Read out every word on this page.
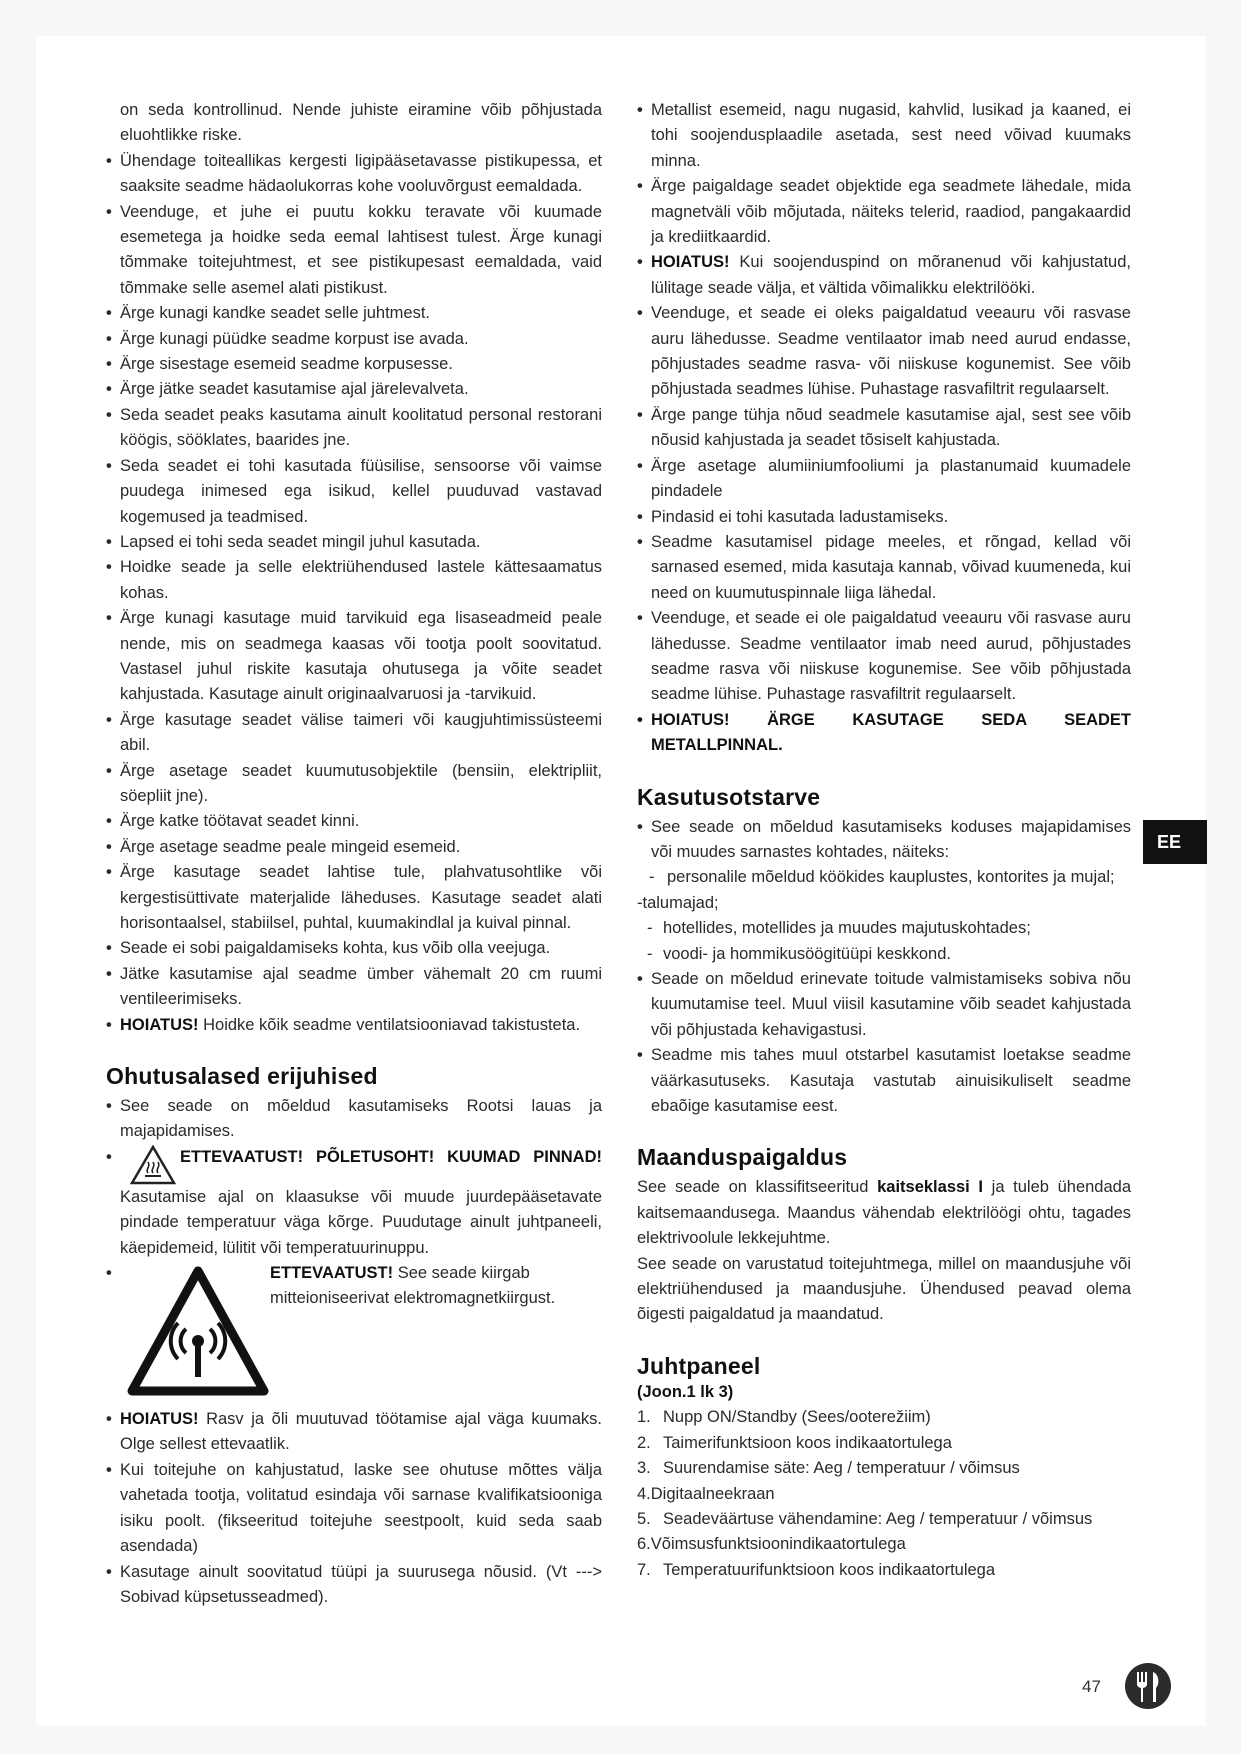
on seda kontrollinud. Nende juhiste eiramine võib põhjustada eluohtlikke riske.

• Ühendage toiteallikas kergesti ligipääsetavasse pistikupessa, et saaksite seadme hädaolukorras kohe vooluvõrgust eemaldada.
• Veenduge, et juhe ei puutu kokku teravate või kuumade esemetega ja hoidke seda eemal lahtisest tulest. Ärge kunagi tõmmake toitejuhtmest, et see pistikupesast eemaldada, vaid tõmmake selle asemel alati pistikust.
• Ärge kunagi kandke seadet selle juhtmest.
• Ärge kunagi püüdke seadme korpust ise avada.
• Ärge sisestage esemeid seadme korpusesse.
• Ärge jätke seadet kasutamise ajal järelevalveta.
• Seda seadet peaks kasutama ainult koolitatud personal restorani köögis, sööklates, baarides jne.
• Seda seadet ei tohi kasutada füüsilise, sensoorse või vaimse puudega inimesed ega isikud, kellel puuduvad vastavad kogemused ja teadmised.
• Lapsed ei tohi seda seadet mingil juhul kasutada.
• Hoidke seade ja selle elektriühendused lastele kättesaamatus kohas.
• Ärge kunagi kasutage muid tarvikuid ega lisaseadmeid peale nende, mis on seadmega kaasas või tootja poolt soovitatud. Vastasel juhul riskite kasutaja ohutusega ja võite seadet kahjustada. Kasutage ainult originaalvaruosi ja -tarvikuid.
• Ärge kasutage seadet välise taimeri või kaugjuhtimissüsteemi abil.
• Ärge asetage seadet kuumutusobjektile (bensiin, elektripliit, söepliit jne).
• Ärge katke töötavat seadet kinni.
• Ärge asetage seadme peale mingeid esemeid.
• Ärge kasutage seadet lahtise tule, plahvatusohtlike või kergestisüttivate materjalide läheduses. Kasutage seadet alati horisontaalsel, stabiilsel, puhtal, kuumakindlal ja kuival pinnal.
• Seade ei sobi paigaldamiseks kohta, kus võib olla veejuga.
• Jätke kasutamise ajal seadme ümber vähemalt 20 cm ruumi ventileerimiseks.
• HOIATUS! Hoidke kõik seadme ventilatsiooniavad takistusteta.
Ohutusalased erijuhised
• See seade on mõeldud kasutamiseks Rootsi lauas ja majapidamises.
• ETTEVAATUST! PÕLETUSOHT! KUUMAD PINNAD! Kasutamise ajal on klaasukse või muude juurdepääsetavate pindade temperatuur väga kõrge. Puudutage ainult juhtpaneeli, käepidemeid, lülitit või temperatuurinuppu.
• ETTEVAATUST! See seade kiirgab mitteioniseerivat elektromagnetkiirgust.
• HOIATUS! Rasv ja õli muutuvad töötamise ajal väga kuumaks. Olge sellest ettevaatlik.
• Kui toitejuhe on kahjustatud, laske see ohutuse mõttes välja vahetada tootja, volitatud esindaja või sarnase kvalifikatsiooniga isiku poolt. (fikseeritud toitejuhe seestpoolt, kuid seda saab asendada)
• Kasutage ainult soovitatud tüüpi ja suurusega nõusid. (Vt ---> Sobivad küpsetusseadmed).
• Metallist esemeid, nagu nugasid, kahvlid, lusikad ja kaaned, ei tohi soojendusplaadile asetada, sest need võivad kuumaks minna.
• Ärge paigaldage seadet objektide ega seadmete lähedale, mida magnetväli võib mõjutada, näiteks telerid, raadiod, pangakaardid ja krediitkaardid.
• HOIATUS! Kui soojenduspind on mõranenud või kahjustatud, lülitage seade välja, et vältida võimalikku elektrilööki.
• Veenduge, et seade ei oleks paigaldatud veeauru või rasvase auru lähedusse. Seadme ventilaator imab need aurud endasse, põhjustades seadme rasva- või niiskuse kogunemist. See võib põhjustada seadmes lühise. Puhastage rasvafiltrit regulaarselt.
• Ärge pange tühja nõud seadmele kasutamise ajal, sest see võib nõusid kahjustada ja seadet tõsiselt kahjustada.
• Ärge asetage alumiiniumfooliumi ja plastanumaid kuumadele pindadele
• Pindasid ei tohi kasutada ladustamiseks.
• Seadme kasutamisel pidage meeles, et rõngad, kellad või sarnased esemed, mida kasutaja kannab, võivad kuumeneda, kui need on kuumutuspinnale liiga lähedal.
• Veenduge, et seade ei ole paigaldatud veeauru või rasvase auru lähedusse. Seadme ventilaator imab need aurud, põhjustades seadme rasva või niiskuse kogunemise. See võib põhjustada seadme lühise. Puhastage rasvafiltrit regulaarselt.
• HOIATUS! ÄRGE KASUTAGE SEDA SEADET METALLPINNAL.
Kasutusotstarve
• See seade on mõeldud kasutamiseks koduses majapidamises või muudes sarnastes kohtades, näiteks:
- personalile mõeldud köökides kauplustes, kontorites ja mujal;
-talumajad;
- hotellides, motellides ja muudes majutuskohtades;
- voodi- ja hommikusöögitüüpi keskkond.
• Seade on mõeldud erinevate toitude valmistamiseks sobiva nõu kuumutamise teel. Muul viisil kasutamine võib seadet kahjustada või põhjustada kehavigastusi.
• Seadme mis tahes muul otstarbel kasutamist loetakse seadme väärkasutuseks. Kasutaja vastutab ainuisikuliselt seadme ebaõige kasutamise eest.
Maanduspaigaldus

See seade on klassifitseeritud kaitseklassi I ja tuleb ühendada kaitsemaandusega. Maandus vähendab elektrilöögi ohtu, tagades elektrivoolule lekkejuhtme.

See seade on varustatud toitejuhtmega, millel on maandusjuhe või elektriühendused ja maandusjuhe. Ühendused peavad olema õigesti paigaldatud ja maandatud.

Juhtpaneel
(Joon.1 lk 3)
1. Nupp ON/Standby (Sees/ooterežiim)
2. Taimerifunktsioon koos indikaatortulega
3. Suurendamise säte: Aeg / temperatuur / võimsus
4. Digitaalneekraan
5. Seadeväärtuse vähendamine: Aeg / temperatuur / võimsus
6. Võimsusfunktsioonindikaatortulega
7. Temperatuurifunktsioon koos indikaatortulega
EE
47
